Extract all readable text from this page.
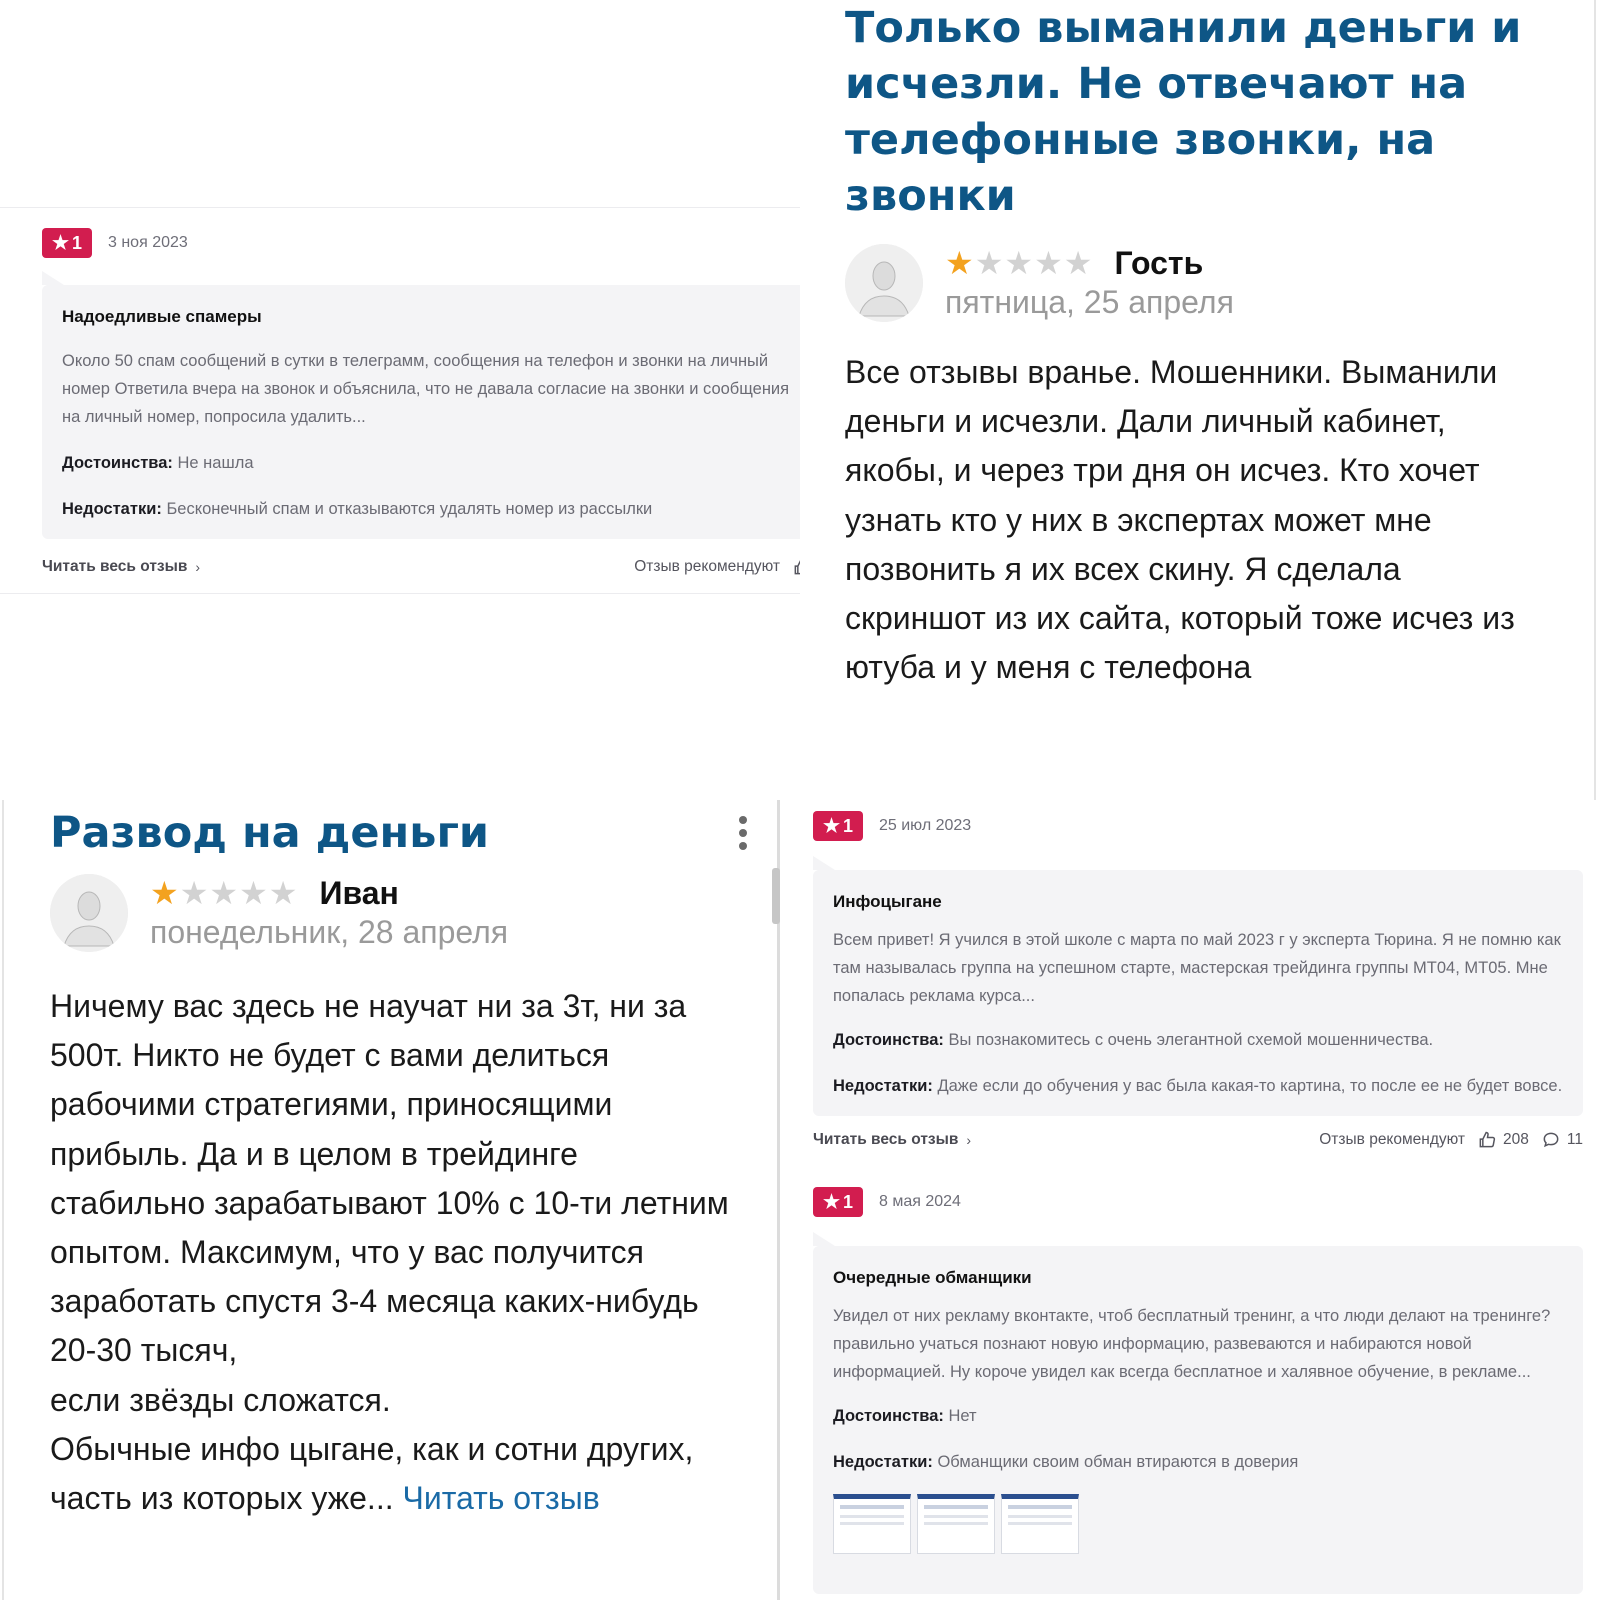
★ 1 3 ноя 2023
Надоедливые спамеры
Около 50 спам сообщений в сутки в телеграмм, сообщения на телефон и звонки на личный номер Ответила вчера на звонок и объяснила, что не давала согласие на звонки и сообщения на личный номер, попросила удалить...
Достоинства: Не нашла
Недостатки: Бесконечный спам и отказываются удалять номер из рассылки
Читать весь отзыв ›	Отзыв рекомендуют
Только выманили деньги и исчезли. Не отвечают на телефонные звонки, на звонки
★ ★ ★ ★ ★ Гость
пятница, 25 апреля
Все отзывы вранье. Мошенники. Выманили деньги и исчезли. Дали личный кабинет, якобы, и через три дня он исчез. Кто хочет узнать кто у них в экспертах может мне позвонить я их всех скину. Я сделала скриншот из их сайта, который тоже исчез из ютуба и у меня с телефона
Развод на деньги
★ ★ ★ ★ ★ Иван
понедельник, 28 апреля
Ничему вас здесь не научат ни за 3т, ни за 500т. Никто не будет с вами делиться рабочими стратегиями, приносящими прибыль. Да и в целом в трейдинге стабильно зарабатывают 10% с 10-ти летним опытом. Максимум, что у вас получится заработать спустя 3-4 месяца каких-нибудь 20-30 тысяч,
если звёзды сложатся.
Обычные инфо цыгане, как и сотни других, часть из которых уже... Читать отзыв
★ 1 25 июл 2023
Инфоцыгане
Всем привет! Я учился в этой школе с марта по май 2023 г у эксперта Тюрина. Я не помню как там называлась группа на успешном старте, мастерская трейдинга группы МТ04, МТ05. Мне попалась реклама курса...
Достоинства: Вы познакомитесь с очень элегантной схемой мошенничества.
Недостатки: Даже если до обучения у вас была какая-то картина, то после ее не будет вовсе.
Читать весь отзыв ›	Отзыв рекомендуют 208 11
★ 1 8 мая 2024
Очередные обманщики
Увидел от них рекламу вконтакте, чтоб бесплатный тренинг, а что люди делают на тренинге? правильно учаться познают новую информацию, развеваются и набираются новой информацией. Ну короче увидел как всегда бесплатное и халявное обучение, в рекламе...
Достоинства: Нет
Недостатки: Обманщики своим обман втираются в доверия
